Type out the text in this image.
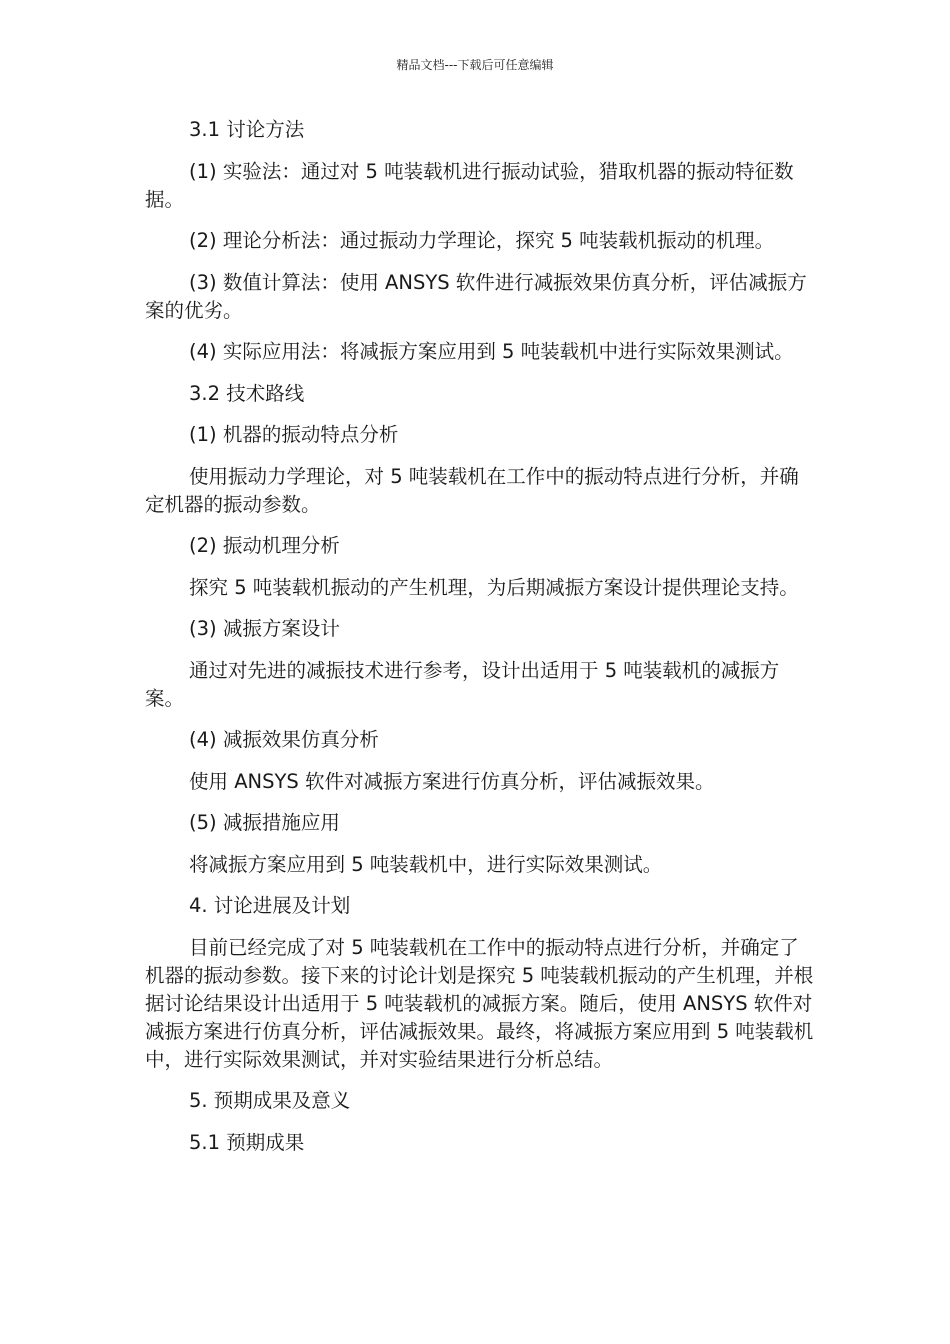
精品文档---下载后可任意编辑

3.1 讨论方法

(1) 实验法：通过对 5 吨装载机进行振动试验，猎取机器的振动特征数据。

(2) 理论分析法：通过振动力学理论，探究 5 吨装载机振动的机理。

(3) 数值计算法：使用 ANSYS 软件进行减振效果仿真分析，评估减振方案的优劣。

(4) 实际应用法：将减振方案应用到 5 吨装载机中进行实际效果测试。

3.2 技术路线

(1) 机器的振动特点分析

使用振动力学理论，对 5 吨装载机在工作中的振动特点进行分析，并确定机器的振动参数。

(2) 振动机理分析

探究 5 吨装载机振动的产生机理，为后期减振方案设计提供理论支持。

(3) 减振方案设计

通过对先进的减振技术进行参考，设计出适用于 5 吨装载机的减振方案。

(4) 减振效果仿真分析

使用 ANSYS 软件对减振方案进行仿真分析，评估减振效果。

(5) 减振措施应用

将减振方案应用到 5 吨装载机中，进行实际效果测试。

4. 讨论进展及计划

目前已经完成了对 5 吨装载机在工作中的振动特点进行分析，并确定了机器的振动参数。接下来的讨论计划是探究 5 吨装载机振动的产生机理，并根据讨论结果设计出适用于 5 吨装载机的减振方案。随后，使用 ANSYS 软件对减振方案进行仿真分析，评估减振效果。最终，将减振方案应用到 5 吨装载机中，进行实际效果测试，并对实验结果进行分析总结。

5. 预期成果及意义

5.1 预期成果
